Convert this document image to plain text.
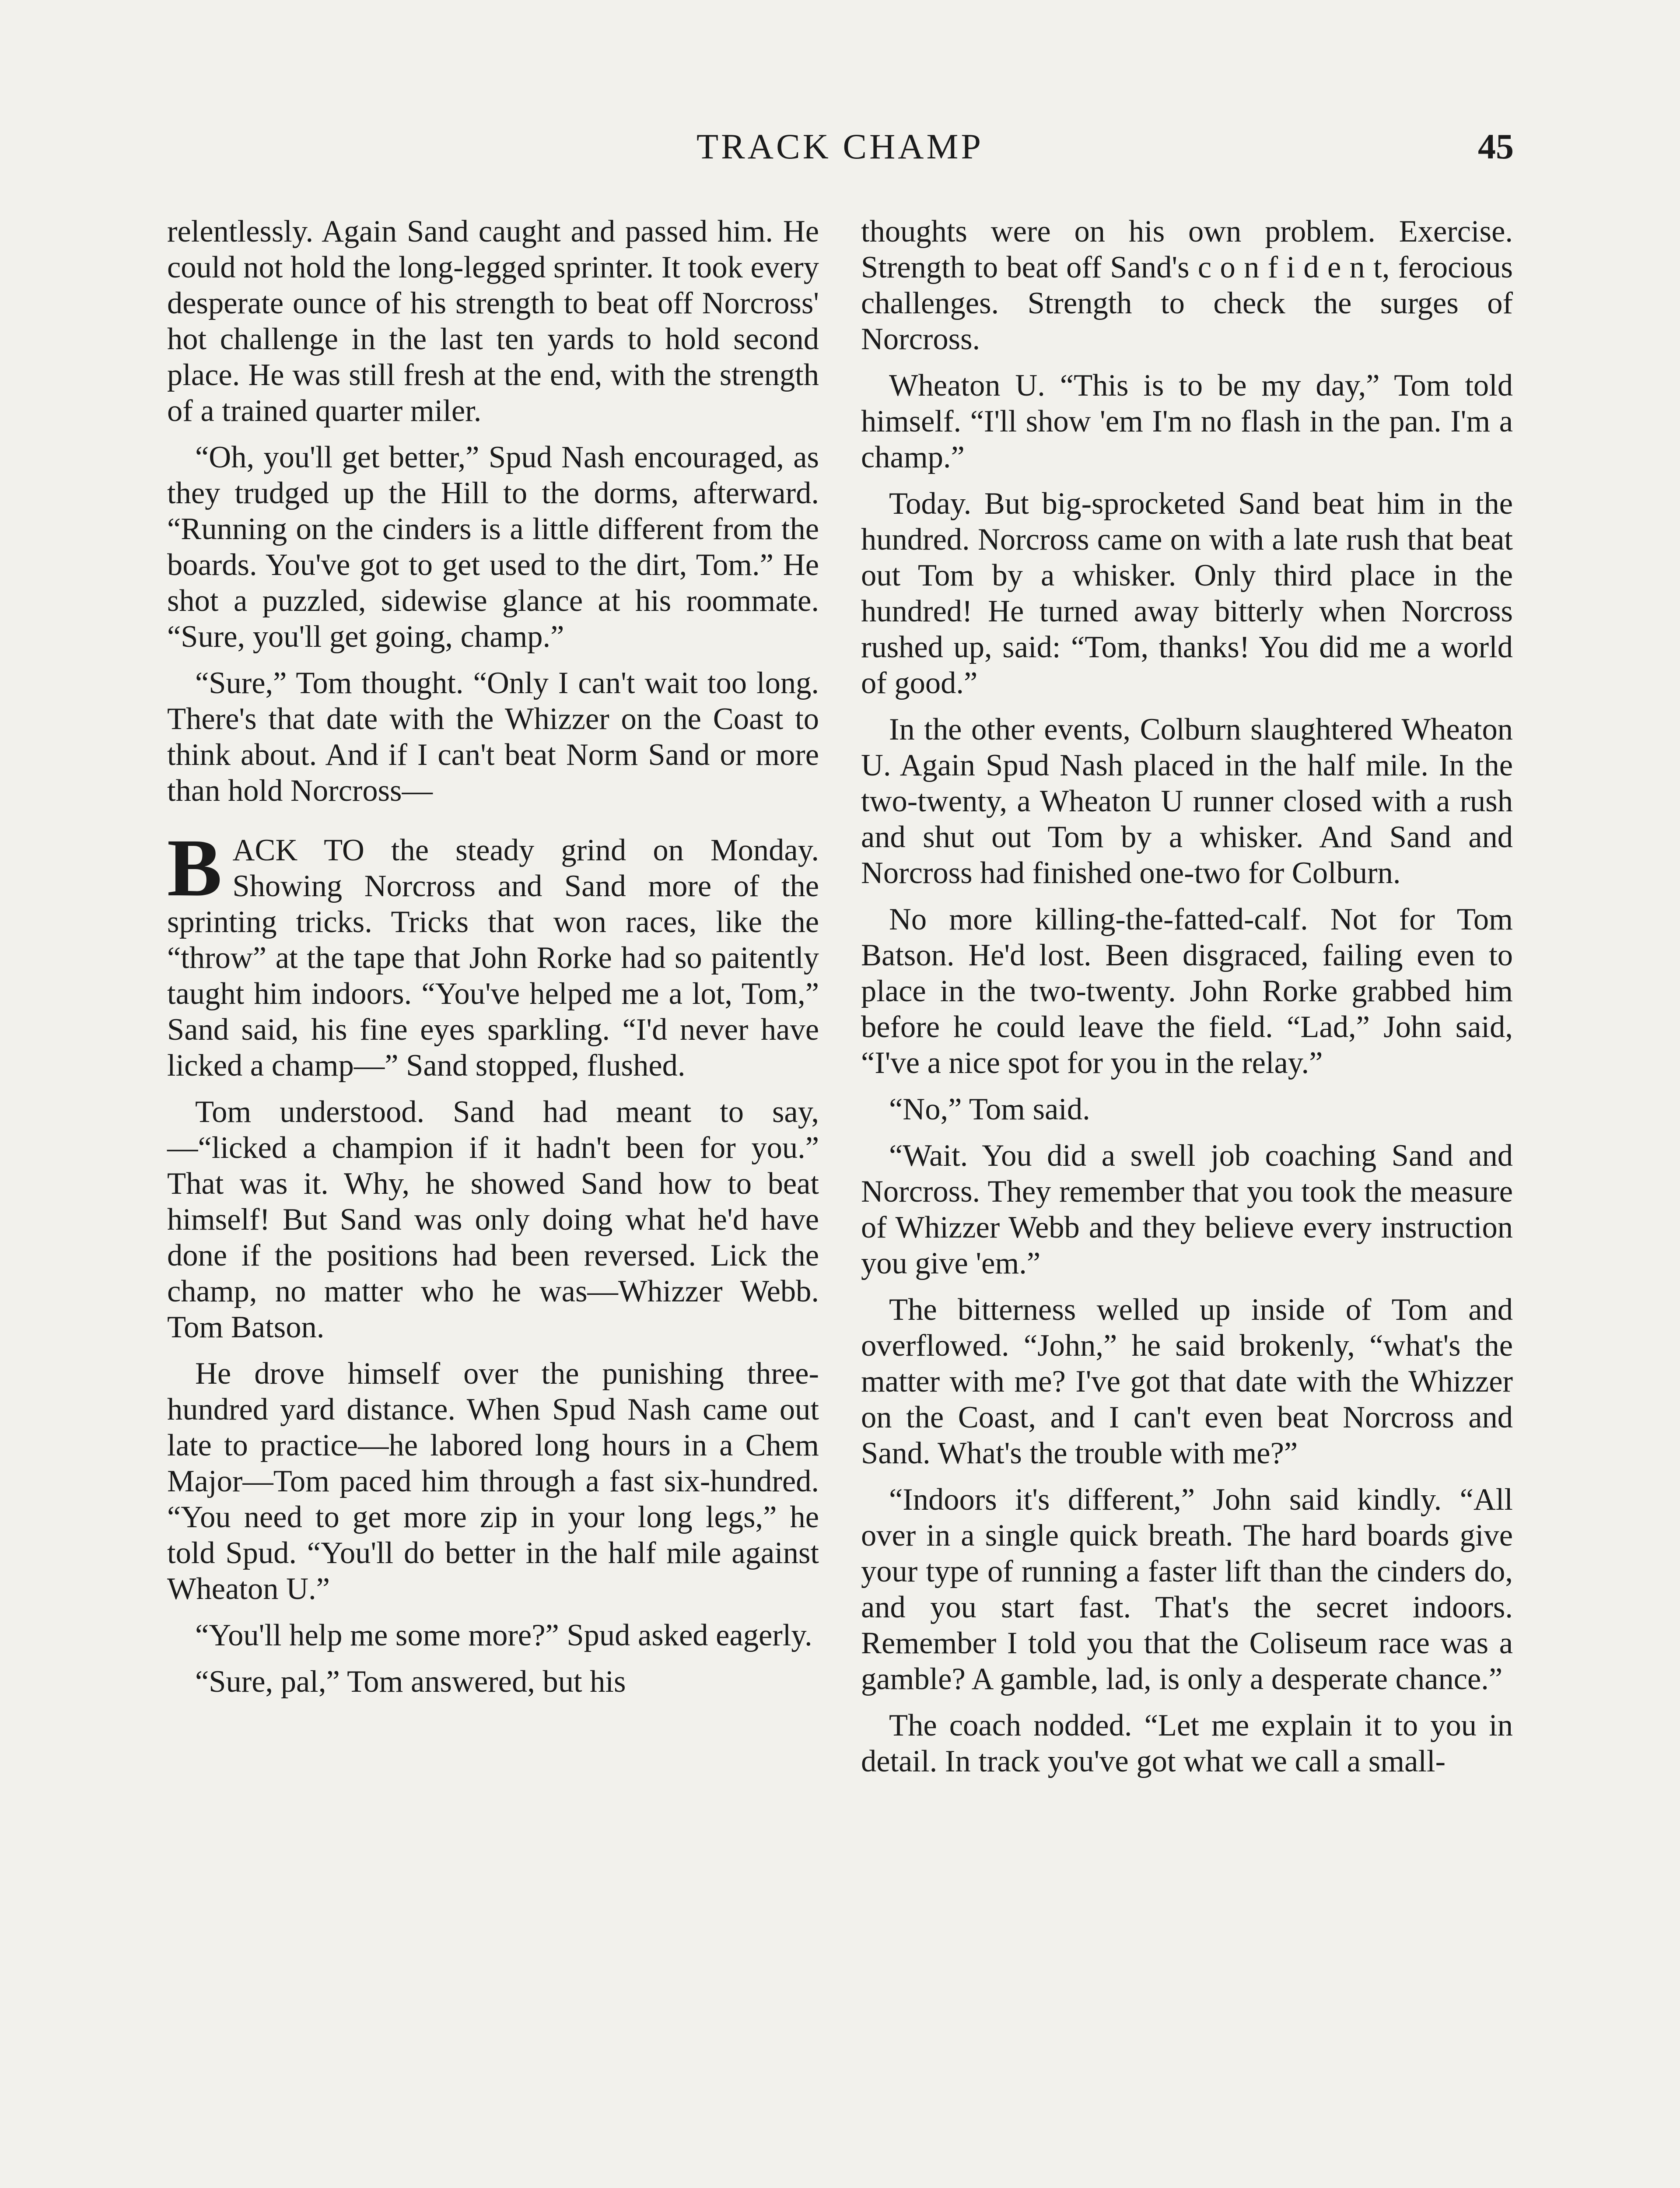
TRACK CHAMP	45

relentlessly. Again Sand caught and passed him. He could not hold the long-legged sprinter. It took every desperate ounce of his strength to beat off Norcross' hot challenge in the last ten yards to hold second place. He was still fresh at the end, with the strength of a trained quarter miler.

“Oh, you'll get better,” Spud Nash encouraged, as they trudged up the Hill to the dorms, afterward. “Running on the cinders is a little different from the boards. You've got to get used to the dirt, Tom.” He shot a puzzled, sidewise glance at his roommate. “Sure, you'll get going, champ.”

“Sure,” Tom thought. “Only I can't wait too long. There's that date with the Whizzer on the Coast to think about. And if I can't beat Norm Sand or more than hold Norcross—

BACK TO the steady grind on Monday. Showing Norcross and Sand more of the sprinting tricks. Tricks that won races, like the “throw” at the tape that John Rorke had so paitently taught him indoors. “You've helped me a lot, Tom,” Sand said, his fine eyes sparkling. “I'd never have licked a champ—” Sand stopped, flushed.

Tom understood. Sand had meant to say, —“licked a champion if it hadn't been for you.” That was it. Why, he showed Sand how to beat himself! But Sand was only doing what he'd have done if the positions had been reversed. Lick the champ, no matter who he was—Whizzer Webb. Tom Batson.

He drove himself over the punishing three-hundred yard distance. When Spud Nash came out late to practice—he labored long hours in a Chem Major—Tom paced him through a fast six-hundred. “You need to get more zip in your long legs,” he told Spud. “You'll do better in the half mile against Wheaton U.”

“You'll help me some more?” Spud asked eagerly.

“Sure, pal,” Tom answered, but his

thoughts were on his own problem. Exercise. Strength to beat off Sand's c o n f i d e n t, ferocious challenges. Strength to check the surges of Norcross.

Wheaton U. “This is to be my day,” Tom told himself. “I'll show 'em I'm no flash in the pan. I'm a champ.”

Today. But big-sprocketed Sand beat him in the hundred. Norcross came on with a late rush that beat out Tom by a whisker. Only third place in the hundred! He turned away bitterly when Norcross rushed up, said: “Tom, thanks! You did me a world of good.”

In the other events, Colburn slaughtered Wheaton U. Again Spud Nash placed in the half mile. In the two-twenty, a Wheaton U runner closed with a rush and shut out Tom by a whisker. And Sand and Norcross had finished one-two for Colburn.

No more killing-the-fatted-calf. Not for Tom Batson. He'd lost. Been disgraced, failing even to place in the two-twenty. John Rorke grabbed him before he could leave the field. “Lad,” John said, “I've a nice spot for you in the relay.”

“No,” Tom said.

“Wait. You did a swell job coaching Sand and Norcross. They remember that you took the measure of Whizzer Webb and they believe every instruction you give 'em.”

The bitterness welled up inside of Tom and overflowed. “John,” he said brokenly, “what's the matter with me? I've got that date with the Whizzer on the Coast, and I can't even beat Norcross and Sand. What's the trouble with me?”

“Indoors it's different,” John said kindly. “All over in a single quick breath. The hard boards give your type of running a faster lift than the cinders do, and you start fast. That's the secret indoors. Remember I told you that the Coliseum race was a gamble? A gamble, lad, is only a desperate chance.”

The coach nodded. “Let me explain it to you in detail. In track you've got what we call a small-
